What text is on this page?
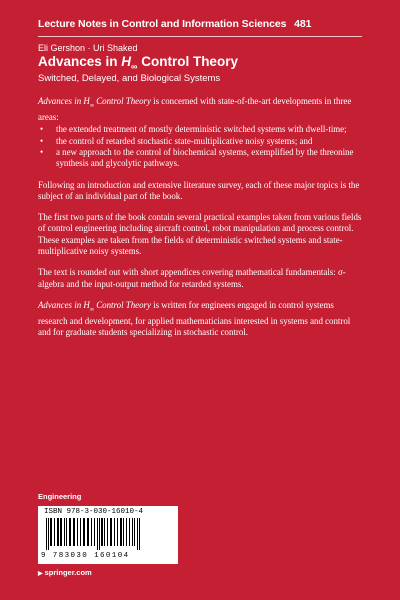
Lecture Notes in Control and Information Sciences 481
Eli Gershon · Uri Shaked
Advances in $H_\infty$ Control Theory
Switched, Delayed, and Biological Systems

Advances in $H_\infty$ Control Theory is concerned with state-of-the-art developments in three areas:

• the extended treatment of mostly deterministic switched systems with dwell-time;
• the control of retarded stochastic state-multiplicative noisy systems; and
• a new approach to the control of biochemical systems, exemplified by the threonine synthesis and glycolytic pathways.

Following an introduction and extensive literature survey, each of these major topics is the subject of an individual part of the book.

The first two parts of the book contain several practical examples taken from various fields of control engineering including aircraft control, robot manipulation and process control. These examples are taken from the fields of deterministic switched systems and state-multiplicative noisy systems.

The text is rounded out with short appendices covering mathematical fundamentals: σ-algebra and the input-output method for retarded systems.

Advances in $H_\infty$ Control Theory is written for engineers engaged in control systems research and development, for applied mathematicians interested in systems and control and for graduate students specializing in stochastic control.

Engineering
ISBN 978-3-030-16010-4
9 783030 160104
▶ springer.com
